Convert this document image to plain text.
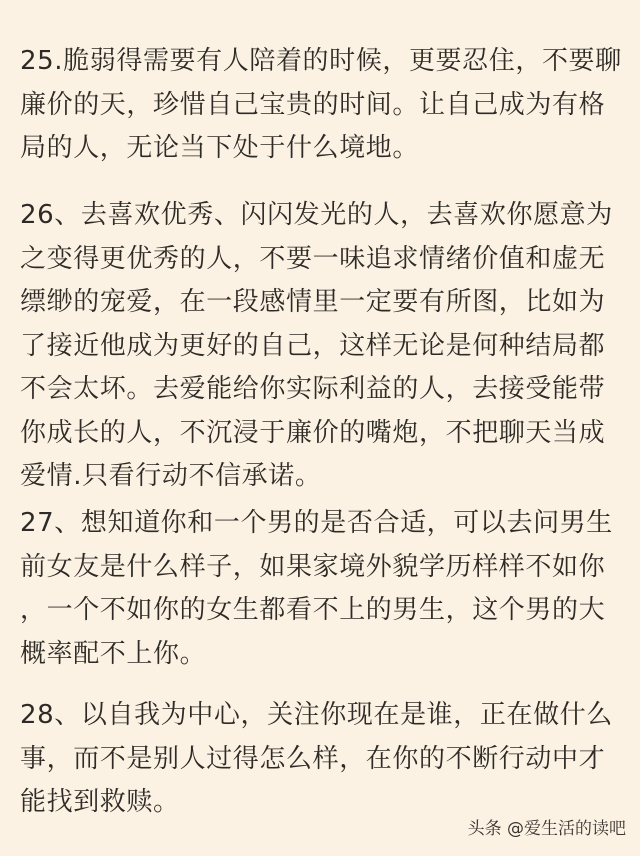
25.脆弱得需要有人陪着的时候，更要忍住，不要聊
廉价的天，珍惜自己宝贵的时间。让自己成为有格
局的人，无论当下处于什么境地。
26、去喜欢优秀、闪闪发光的人，去喜欢你愿意为
之变得更优秀的人，不要一味追求情绪价值和虚无
缥缈的宠爱，在一段感情里一定要有所图，比如为
了接近他成为更好的自己，这样无论是何种结局都
不会太坏。去爱能给你实际利益的人，去接受能带
你成长的人，不沉浸于廉价的嘴炮，不把聊天当成
爱情.只看行动不信承诺。
27、想知道你和一个男的是否合适，可以去问男生
前女友是什么样子，如果家境外貌学历样样不如你
，一个不如你的女生都看不上的男生，这个男的大
概率配不上你。
28、以自我为中心，关注你现在是谁，正在做什么
事，而不是别人过得怎么样，在你的不断行动中才
能找到救赎。
头条 @爱生活的读吧
